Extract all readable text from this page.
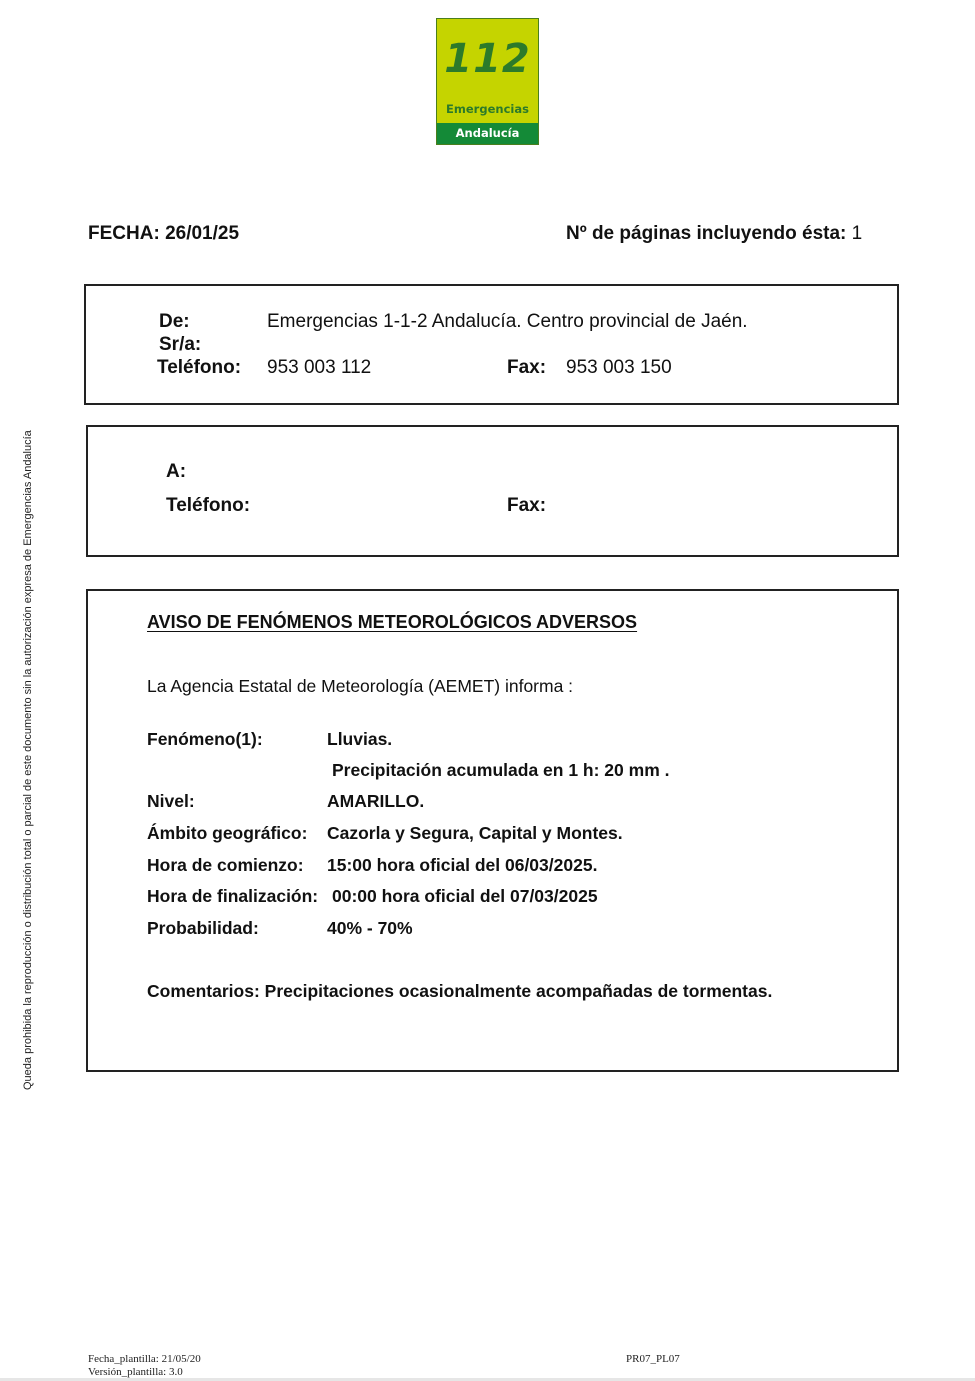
112
Emergencias
Andalucía
FECHA: 26/01/25	Nº de páginas incluyendo ésta: 1
De:	Emergencias 1-1-2 Andalucía. Centro provincial de Jaén.
Sr/a:
Teléfono: 953 003 112	Fax: 953 003 150
A:
Teléfono:	Fax:
AVISO DE FENÓMENOS METEOROLÓGICOS ADVERSOS
La Agencia Estatal de Meteorología (AEMET) informa :
Fenómeno(1):	Lluvias.
Precipitación acumulada en 1 h: 20 mm .
Nivel:	AMARILLO.
Ámbito geográfico: Cazorla y Segura, Capital y Montes.
Hora de comienzo: 15:00 hora oficial del 06/03/2025.
Hora de finalización: 00:00 hora oficial del 07/03/2025
Probabilidad:	40% - 70%
Comentarios: Precipitaciones ocasionalmente acompañadas de tormentas.
Queda prohibida la reproducción o distribución total o parcial de este documento sin la autorización expresa de Emergencias Andalucía
Fecha_plantilla: 21/05/20
Versión_plantilla: 3.0
PR07_PL07
